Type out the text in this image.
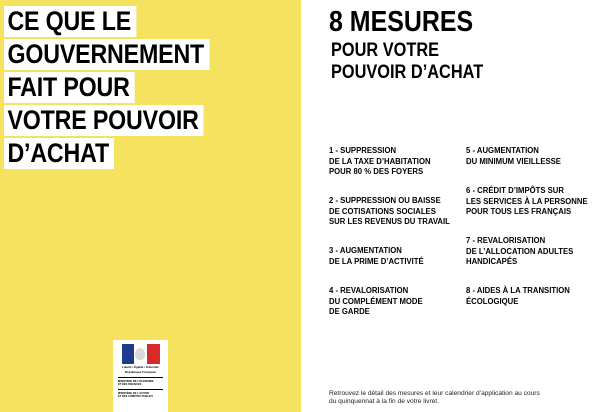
CE QUE LE
GOUVERNEMENT
FAIT POUR
VOTRE POUVOIR
D’ACHAT
Liberté • Égalité • Fraternité
République Française
MINISTÈRE DE L’ÉCONOMIE
ET DES FINANCES
MINISTÈRE DE L’ACTION
ET DES COMPTES PUBLICS
8 MESURES
POUR VOTRE
POUVOIR D’ACHAT
1 - SUPPRESSION
DE LA TAXE D’HABITATION
POUR 80 % DES FOYERS
2 - SUPPRESSION OU BAISSE
DE COTISATIONS SOCIALES
SUR LES REVENUS DU TRAVAIL
3 - AUGMENTATION
DE LA PRIME D’ACTIVITÉ
4 - REVALORISATION
DU COMPLÉMENT MODE
DE GARDE
5 - AUGMENTATION
DU MINIMUM VIEILLESSE
6 - CRÉDIT D’IMPÔTS SUR
LES SERVICES À LA PERSONNE
POUR TOUS LES FRANÇAIS
7 - REVALORISATION
DE L’ALLOCATION ADULTES
HANDICAPÉS
8 - AIDES À LA TRANSITION
ÉCOLOGIQUE
Retrouvez le détail des mesures et leur calendrier d’application au cours
du quinquennat à la fin de votre livret.
